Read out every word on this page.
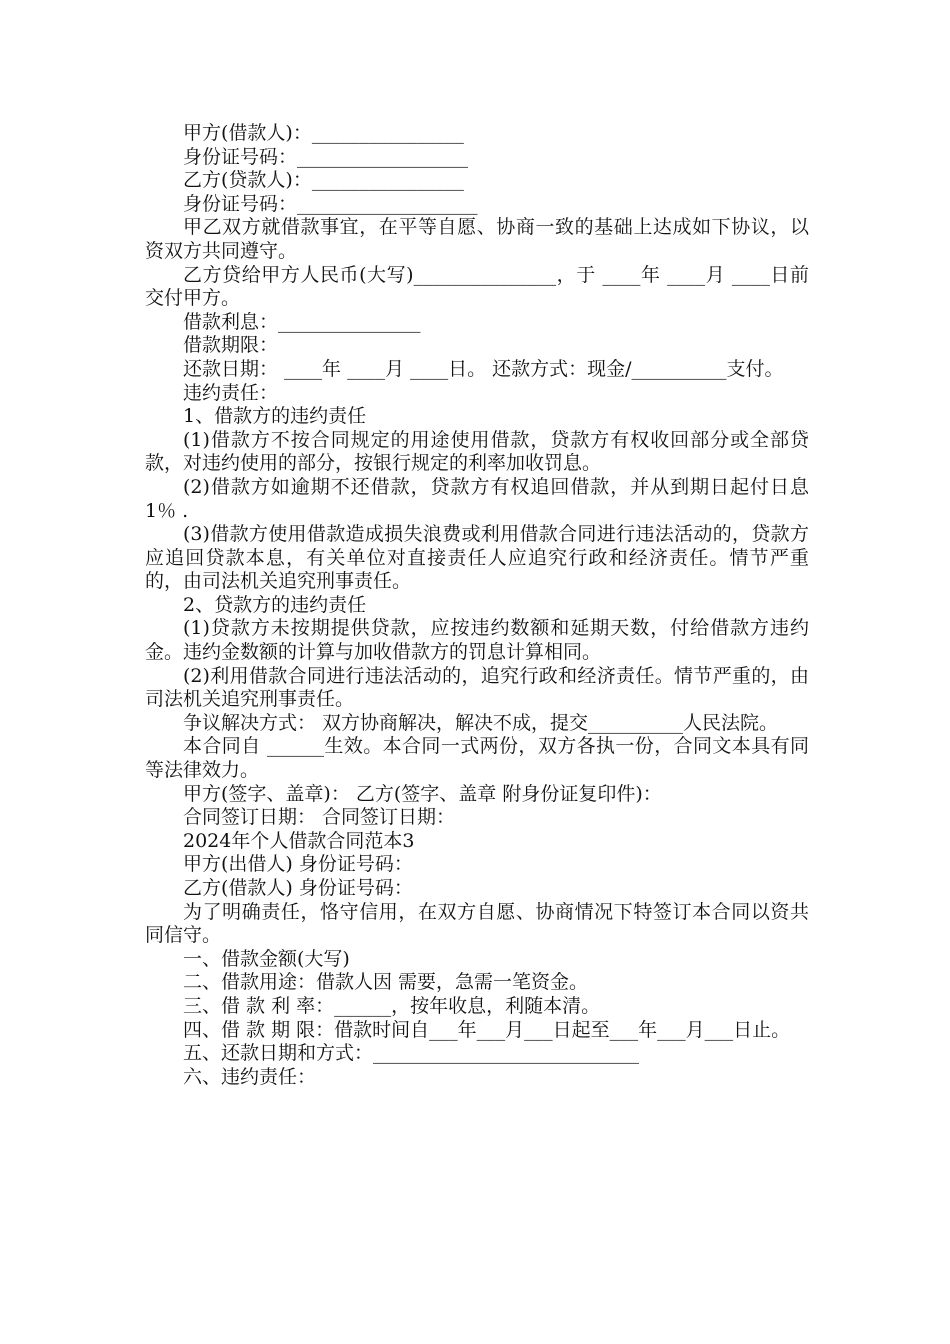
甲方(借款人)：________________

身份证号码：__________________

乙方(贷款人)：________________

身份证号码：___________________

甲乙双方就借款事宜，在平等自愿、协商一致的基础上达成如下协议，以资双方共同遵守。

乙方贷给甲方人民币(大写)_______________，于 ____年 ____月 ____日前交付甲方。

借款利息：_______________

借款期限：

还款日期： ____年 ____月 ____日。 还款方式：现金/__________支付。

违约责任：

1、借款方的违约责任

(1)借款方不按合同规定的用途使用借款，贷款方有权收回部分或全部贷款，对违约使用的部分，按银行规定的利率加收罚息。

(2)借款方如逾期不还借款，贷款方有权追回借款，并从到期日起付日息1％ .

(3)借款方使用借款造成损失浪费或利用借款合同进行违法活动的，贷款方应追回贷款本息，有关单位对直接责任人应追究行政和经济责任。情节严重的，由司法机关追究刑事责任。

2、贷款方的违约责任

(1)贷款方未按期提供贷款，应按违约数额和延期天数，付给借款方违约金。违约金数额的计算与加收借款方的罚息计算相同。

(2)利用借款合同进行违法活动的，追究行政和经济责任。情节严重的，由司法机关追究刑事责任。

争议解决方式： 双方协商解决，解决不成，提交__________人民法院。

本合同自 ______生效。本合同一式两份，双方各执一份，合同文本具有同等法律效力。

甲方(签字、盖章)： 乙方(签字、盖章 附身份证复印件)：

合同签订日期： 合同签订日期：

2024年个人借款合同范本3

甲方(出借人) 身份证号码：

乙方(借款人) 身份证号码：

为了明确责任，恪守信用，在双方自愿、协商情况下特签订本合同以资共同信守。

一、借款金额(大写)

二、借款用途：借款人因 需要，急需一笔资金。

三、借 款 利 率：______，按年收息，利随本清。

四、借 款 期 限：借款时间自___年___月___日起至___年___月___日止。

五、还款日期和方式：____________________________

六、违约责任：
